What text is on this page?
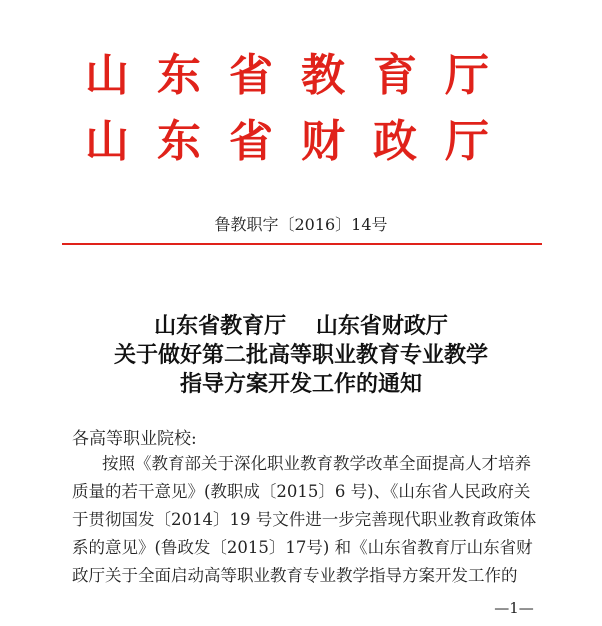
山东省教育厅
山东省财政厅
鲁教职字〔2016〕14号
山东省教育厅　 山东省财政厅
关于做好第二批高等职业教育专业教学
指导方案开发工作的通知
各高等职业院校:
按照《教育部关于深化职业教育教学改革全面提高人才培养
质量的若干意见》(教职成〔2015〕6 号)、《山东省人民政府关
于贯彻国发〔2014〕19 号文件进一步完善现代职业教育政策体
系的意见》(鲁政发〔2015〕17号) 和《山东省教育厅山东省财
政厅关于全面启动高等职业教育专业教学指导方案开发工作的
—1—
